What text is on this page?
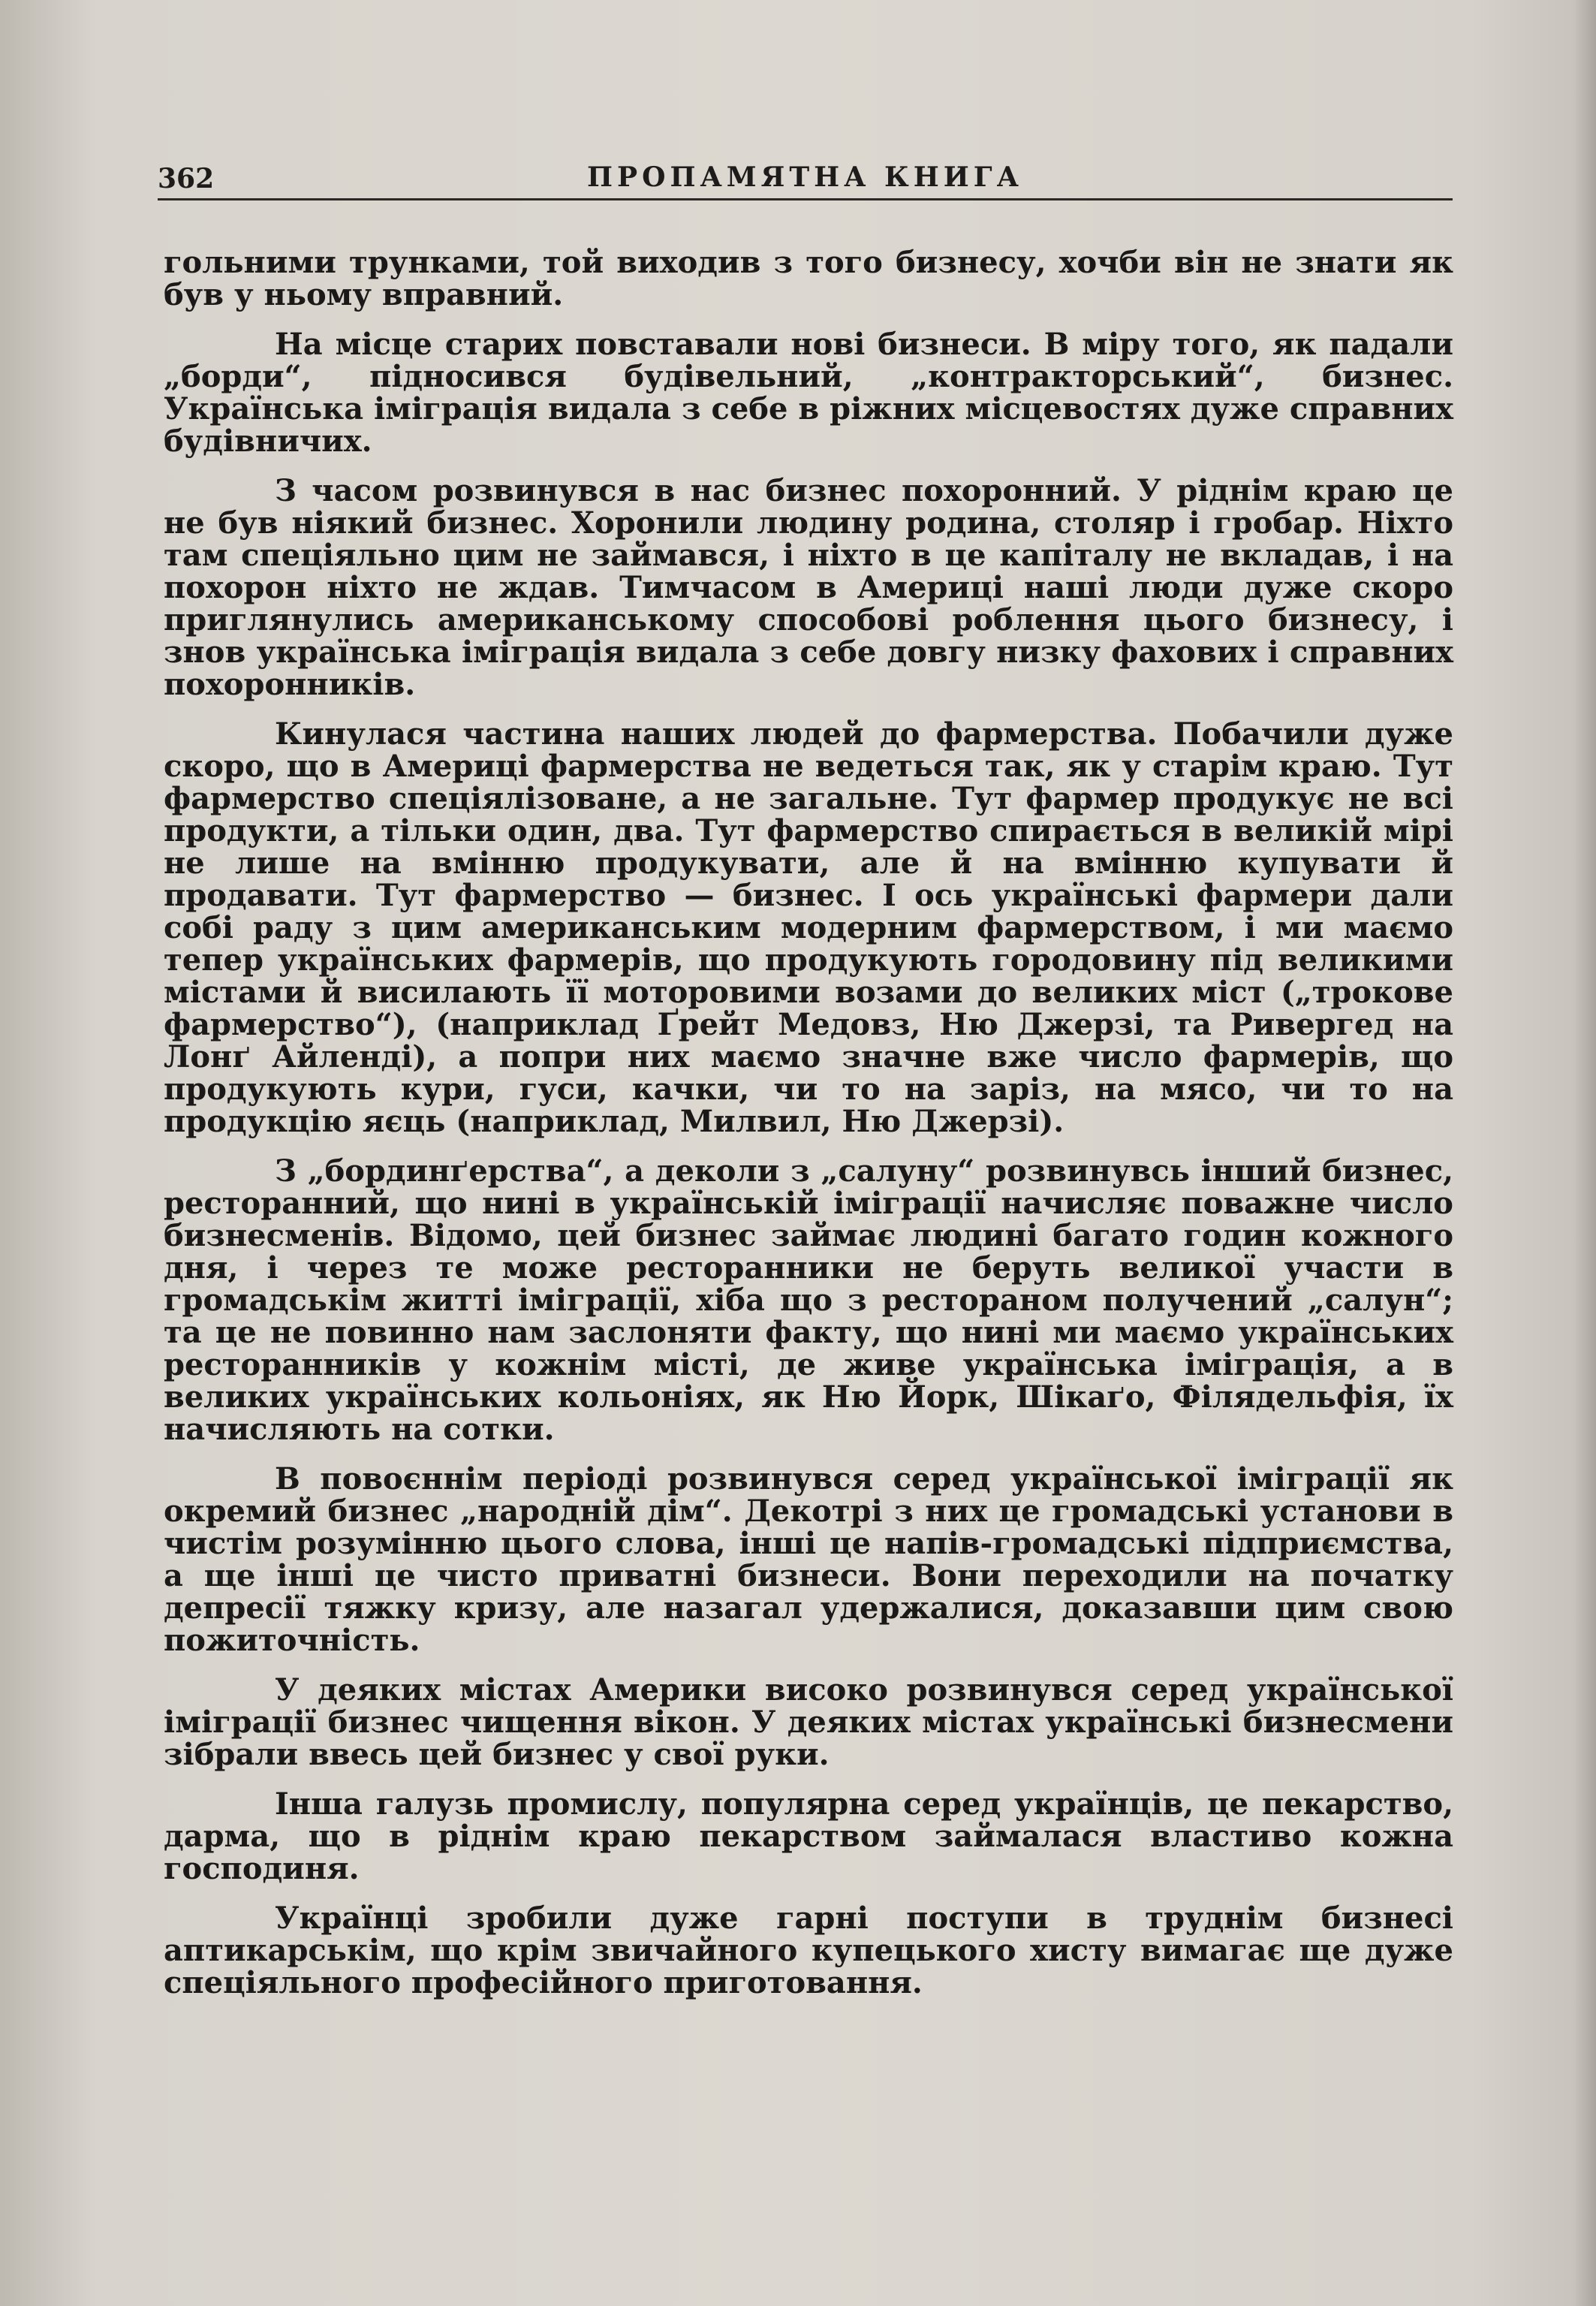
ПРОПАМЯТНА КНИГА
362

гольними трунками, той виходив з того бизнесу, хочби він не знати як був у ньому вправний.

На місце старих повставали нові бизнеси. В міру того, як падали „борди“, підносився будівельний, „контракторський“, бизнес. Українська імігpація видала з себе в ріжних місцевостях дуже справних будівничих.

З часом розвинувся в нас бизнес похоронний. У ріднім краю це не був ніякий бизнес. Хоронили людину родина, столяр і гробар. Ніхто там спеціяльно цим не займався, і ніхто в це капіталу не вкладав, і на похорон ніхто не ждав. Тимчасом в Америці наші люди дуже скоро приглянулись американському способові роблення цього бизнесу, і знов українська імігpація видала з себе довгу низку фахових і справних похоронників.

Кинулася частина наших людей до фармерства. Побачили дуже скоро, що в Америці фармерства не ведеться так, як у старім краю. Тут фармерство спеціялізоване, а не загальне. Тут фармер продукує не всі продукти, а тільки один, два. Тут фармерство спирається в великій мірі не лише на вмінню продукувати, але й на вмінню купувати й продавати. Тут фармерство — бизнес. І ось українські фармери дали собі раду з цим американським модерним фармерством, і ми маємо тепер українських фармерів, що продукують городовину під великими містами й висилають її моторовими возами до великих міст („трокове фармерство“), (наприклад Ґрейт Медовз, Ню Джерзі, та Ривергед на Лонґ Айленді), а попри них маємо значне вже число фармерів, що продукують кури, гуси, качки, чи то на заріз, на мясо, чи то на продукцію яєць (наприклад, Милвил, Ню Джерзі).

З „бординґерства“, а деколи з „салуну“ розвинувсь інший бизнес, ресторанний, що нині в українській імігpації начисляє поважне число бизнесменів. Відомо, цей бизнес займає людині багато годин кожного дня, і через те може ресторанники не беруть великої участи в громадськім житті імігpації, хіба що з рестораном получений „салун“; та це не повинно нам заслоняти факту, що нині ми маємо українських ресторанників у кожнім місті, де живе українська імігpація, а в великих українських кольоніях, як Ню Йорк, Шікаґо, Філядельфія, їх начисляють на сотки.

В повоєннім періоді розвинувся серед української імігpації як окремий бизнес „народній дім“. Декотрі з них це громадські установи в чистім розумінню цього слова, інші це напів-громадські підприємства, а ще інші це чисто приватні бизнеси. Вони переходили на початку депресії тяжку кризу, але назагал удержалися, доказавши цим свою пожиточність.

У деяких містах Америки високо розвинувся серед української імігpації бизнес чищення вікон. У деяких містах українські бизнесмени зібрали ввесь цей бизнес у свої руки.

Інша галузь промислу, популярна серед українців, це пекарство, дарма, що в ріднім краю пекарством займалася властиво кожна господиня.

Українці зробили дуже гарні поступи в труднім бизнесі аптикарськім, що крім звичайного купецького хисту вимагає ще дуже спеціяльного професійного приготовання.
